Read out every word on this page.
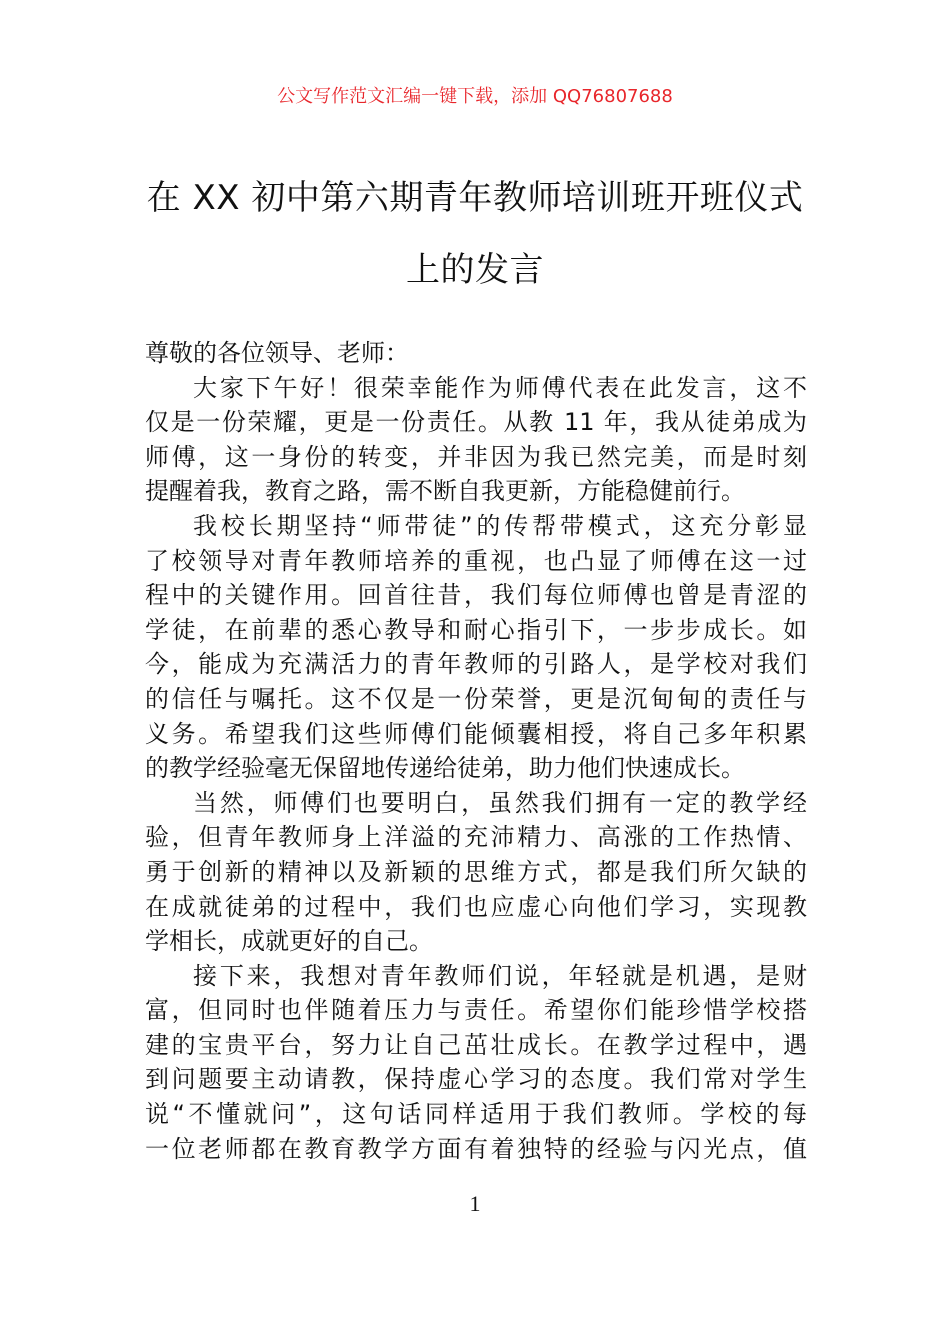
公文写作范文汇编一键下载，添加 QQ76807688
在 XX 初中第六期青年教师培训班开班仪式
上的发言
尊敬的各位领导、老师：
大家下午好！很荣幸能作为师傅代表在此发言，这不
仅是一份荣耀，更是一份责任。从教 11 年，我从徒弟成为
师傅，这一身份的转变，并非因为我已然完美，而是时刻
提醒着我，教育之路，需不断自我更新，方能稳健前行。
我校长期坚持“师带徒”的传帮带模式，这充分彰显
了校领导对青年教师培养的重视，也凸显了师傅在这一过
程中的关键作用。回首往昔，我们每位师傅也曾是青涩的
学徒，在前辈的悉心教导和耐心指引下，一步步成长。如
今，能成为充满活力的青年教师的引路人，是学校对我们
的信任与嘱托。这不仅是一份荣誉，更是沉甸甸的责任与
义务。希望我们这些师傅们能倾囊相授，将自己多年积累
的教学经验毫无保留地传递给徒弟，助力他们快速成长。
当然，师傅们也要明白，虽然我们拥有一定的教学经
验，但青年教师身上洋溢的充沛精力、高涨的工作热情、
勇于创新的精神以及新颖的思维方式，都是我们所欠缺的
在成就徒弟的过程中，我们也应虚心向他们学习，实现教
学相长，成就更好的自己。
接下来，我想对青年教师们说，年轻就是机遇，是财
富，但同时也伴随着压力与责任。希望你们能珍惜学校搭
建的宝贵平台，努力让自己茁壮成长。在教学过程中，遇
到问题要主动请教，保持虚心学习的态度。我们常对学生
说“不懂就问”，这句话同样适用于我们教师。学校的每
一位老师都在教育教学方面有着独特的经验与闪光点，值
1
